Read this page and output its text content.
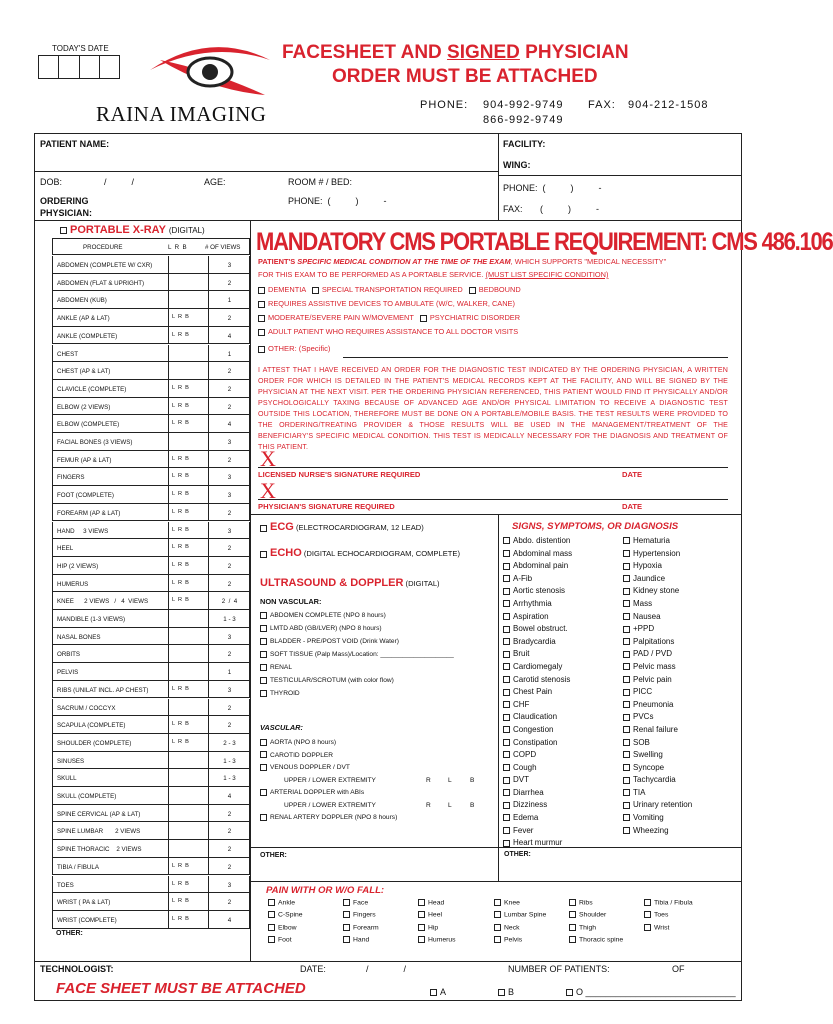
TODAY'S DATE
RAINA IMAGING
FACESHEET AND SIGNED PHYSICIAN
ORDER MUST BE ATTACHED
PHONE: 904-992-9749
866-992-9749
FAX: 904-212-1508
PATIENT NAME:	FACILITY:
WING:
DOB:	/          /	AGE:	ROOM # / BED:
PHONE:  (          )          -
ORDERING
PHYSICIAN:
PHONE:  (          )          -
FAX:       (          )          -
PORTABLE X-RAY (DIGITAL)
PROCEDURE	L  R  B	# OF VIEWS
ABDOMEN (COMPLETE W/ CXR)	3
ABDOMEN (FLAT & UPRIGHT)	2
ABDOMEN (KUB)	1
ANKLE (AP & LAT)	L  R  B	2
ANKLE (COMPLETE)	L  R  B	4
CHEST	1
CHEST (AP & LAT)	2
CLAVICLE (COMPLETE)	L  R  B	2
ELBOW (2 VIEWS)	L  R  B	2
ELBOW (COMPLETE)	L  R  B	4
FACIAL BONES (3 VIEWS)	3
FEMUR (AP & LAT)	L  R  B	2
FINGERS	L  R  B	3
FOOT (COMPLETE)	L  R  B	3
FOREARM (AP & LAT)	L  R  B	2
HAND     3 VIEWS	L  R  B	3
HEEL	L  R  B	2
HIP (2 VIEWS)	L  R  B	2
HUMERUS	L  R  B	2
KNEE      2 VIEWS   /   4  VIEWS	L  R  B	2  /  4
MANDIBLE (1-3 VIEWS)	1 - 3
NASAL BONES	3
ORBITS	2
PELVIS	1
RIBS (UNILAT INCL. AP CHEST)	L  R  B	3
SACRUM / COCCYX	2
SCAPULA (COMPLETE)	L  R  B	2
SHOULDER (COMPLETE)	L  R  B	2 - 3
SINUSES	1 - 3
SKULL	1 - 3
SKULL (COMPLETE)	4
SPINE CERVICAL (AP & LAT)	2
SPINE LUMBAR       2 VIEWS	2
SPINE THORACIC    2 VIEWS	2
TIBIA / FIBULA	L  R  B	2
TOES	L  R  B	3
WRIST ( PA & LAT)	L  R  B	2
WRIST (COMPLETE)	L  R  B	4
OTHER:
MANDATORY CMS PORTABLE REQUIREMENT: CMS 486.106
PATIENT'S SPECIFIC MEDICAL CONDITION AT THE TIME OF THE EXAM, WHICH SUPPORTS "MEDICAL NECESSITY"
FOR THIS EXAM TO BE PERFORMED AS A PORTABLE SERVICE. (MUST LIST SPECIFIC CONDITION)
DEMENTIA SPECIAL TRANSPORTATION REQUIRED BEDBOUND
REQUIRES ASSISTIVE DEVICES TO AMBULATE (W/C, WALKER, CANE)
MODERATE/SEVERE PAIN W/MOVEMENT PSYCHIATRIC DISORDER
ADULT PATIENT WHO REQUIRES ASSISTANCE TO ALL DOCTOR VISITS
OTHER: (Specific)
I ATTEST THAT I HAVE RECEIVED AN ORDER FOR THE DIAGNOSTIC TEST INDICATED BY THE ORDERING PHYSICIAN, A WRITTEN ORDER FOR WHICH IS DETAILED IN THE PATIENT'S MEDICAL RECORDS KEPT AT THE FACILITY, AND WILL BE SIGNED BY THE PHYSICIAN AT THE NEXT VISIT. PER THE ORDERING PHYSICIAN REFERENCED, THIS PATIENT WOULD FIND IT PHYSICALLY AND/OR PSYCHOLOGICALLY TAXING BECAUSE OF ADVANCED AGE AND/OR PHYSICAL LIMITATION TO RECEIVE A DIAGNOSTIC TEST OUTSIDE THIS LOCATION, THEREFORE MUST BE DONE ON A PORTABLE/MOBILE BASIS. THE TEST RESULTS WERE PROVIDED TO THE ORDERING/TREATING PROVIDER & THOSE RESULTS WILL BE USED IN THE MANAGEMENT/TREATMENT OF THE BENEFICIARY'S SPECIFIC MEDICAL CONDITION. THIS TEST IS MEDICALLY NECESSARY FOR THE DIAGNOSIS AND TREATMENT OF THIS PATIENT.
X
LICENSED NURSE'S SIGNATURE REQUIRED	DATE
X
PHYSICIAN'S SIGNATURE REQUIRED	DATE
ECG (ELECTROCARDIOGRAM, 12 LEAD)
ECHO (DIGITAL ECHOCARDIOGRAM, COMPLETE)
ULTRASOUND & DOPPLER (DIGITAL)
NON VASCULAR:
ABDOMEN COMPLETE (NPO 8 hours)
LMTD ABD (GB/LVER) (NPO 8 hours)
BLADDER - PRE/POST VOID (Drink Water)
SOFT TISSUE (Palp Mass)/Location: ____________________
RENAL
TESTICULAR/SCROTUM (with color flow)
THYROID
VASCULAR:
AORTA (NPO 8 hours)
CAROTID DOPPLER
VENOUS DOPPLER / DVT
UPPER / LOWER EXTREMITY	R	L	B
ARTERIAL DOPPLER with ABIs
UPPER / LOWER EXTREMITY	R	L	B
RENAL ARTERY DOPPLER (NPO 8 hours)
OTHER:
SIGNS, SYMPTOMS, OR DIAGNOSIS
Abdo. distention
Abdominal mass
Abdominal pain
A-Fib
Aortic stenosis
Arrhythmia
Aspiration
Bowel obstruct.
Bradycardia
Bruit
Cardiomegaly
Carotid stenosis
Chest Pain
CHF
Claudication
Congestion
Constipation
COPD
Cough
DVT
Diarrhea
Dizziness
Edema
Fever
Heart murmur
Hematuria
Hypertension
Hypoxia
Jaundice
Kidney stone
Mass
Nausea
+PPD
Palpitations
PAD / PVD
Pelvic mass
Pelvic pain
PICC
Pneumonia
PVCs
Renal failure
SOB
Swelling
Syncope
Tachycardia
TIA
Urinary retention
Vomiting
Wheezing
OTHER:
PAIN WITH OR W/O FALL:
Ankle
C-Spine
Elbow
Foot
Face
Fingers
Forearm
Hand
Head
Heel
Hip
Humerus
Knee
Lumbar Spine
Neck
Pelvis
Ribs
Shoulder
Thigh
Thoracic spine
Tibia / Fibula
Toes
Wrist
TECHNOLOGIST:	DATE:	/              /	NUMBER OF PATIENTS:	OF
FACE SHEET MUST BE ATTACHED	A	B	O ______________________________
